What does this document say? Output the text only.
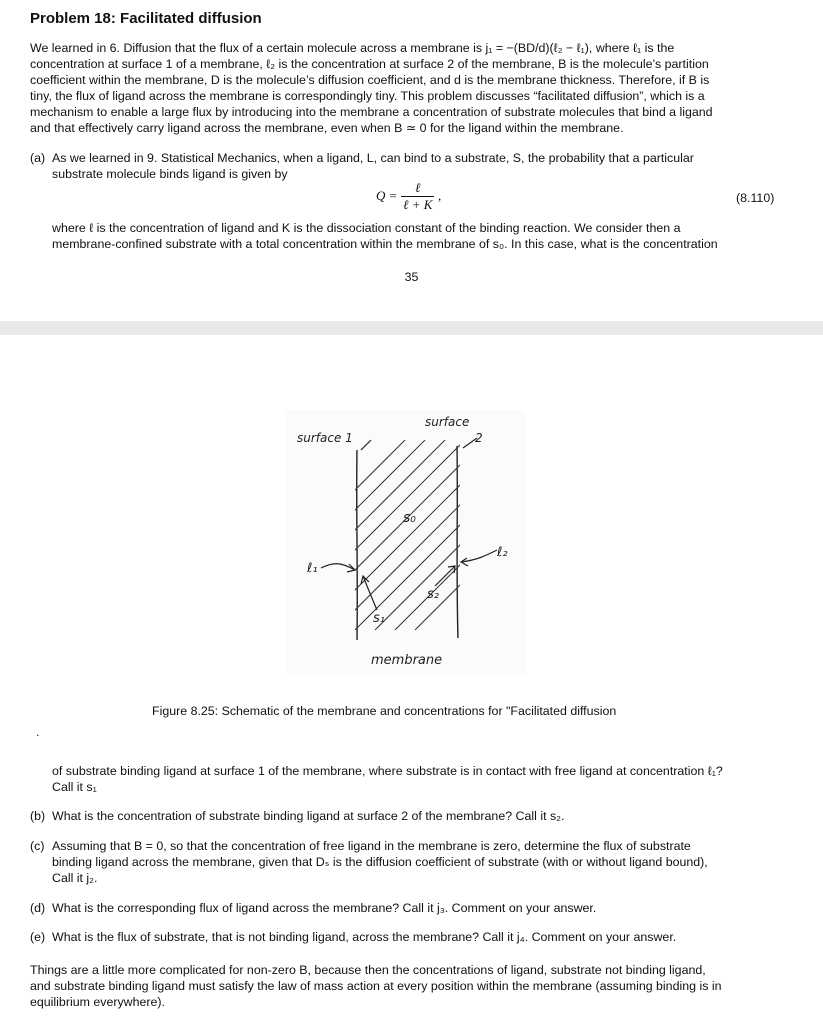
Problem 18: Facilitated diffusion
We learned in 6. Diffusion that the flux of a certain molecule across a membrane is j₁ = −(BD/d)(ℓ₂ − ℓ₁), where ℓ₁ is the
concentration at surface 1 of a membrane, ℓ₂ is the concentration at surface 2 of the membrane, B is the molecule’s partition
coefficient within the membrane, D is the molecule’s diffusion coefficient, and d is the membrane thickness. Therefore, if B is
tiny, the flux of ligand across the membrane is correspondingly tiny. This problem discusses “facilitated diffusion”, which is a
mechanism to enable a large flux by introducing into the membrane a concentration of substrate molecules that bind a ligand
and that effectively carry ligand across the membrane, even when B ≃ 0 for the ligand within the membrane.
(a) As we learned in 9. Statistical Mechanics, when a ligand, L, can bind to a substrate, S, the probability that a particular
substrate molecule binds ligand is given by
$Q = \frac{\text{ℓ}}{\text{ℓ + K}}$ ,	(8.110)
where ℓ is the concentration of ligand and K is the dissociation constant of the binding reaction. We consider then a
membrane-confined substrate with a total concentration within the membrane of s₀. In this case, what is the concentration
35
surface 1
surface
2
s₀
ℓ₁
ℓ₂
s₁
s₂
membrane
Figure 8.25: Schematic of the membrane and concentrations for "Facilitated diffusion
.
of substrate binding ligand at surface 1 of the membrane, where substrate is in contact with free ligand at concentration ℓ₁?
Call it s₁
(b) What is the concentration of substrate binding ligand at surface 2 of the membrane? Call it s₂.
(c) Assuming that B = 0, so that the concentration of free ligand in the membrane is zero, determine the flux of substrate
binding ligand across the membrane, given that Dₛ is the diffusion coefficient of substrate (with or without ligand bound),
Call it j₂.
(d) What is the corresponding flux of ligand across the membrane? Call it j₃. Comment on your answer.
(e) What is the flux of substrate, that is not binding ligand, across the membrane? Call it j₄. Comment on your answer.
Things are a little more complicated for non-zero B, because then the concentrations of ligand, substrate not binding ligand,
and substrate binding ligand must satisfy the law of mass action at every position within the membrane (assuming binding is in
equilibrium everywhere).
